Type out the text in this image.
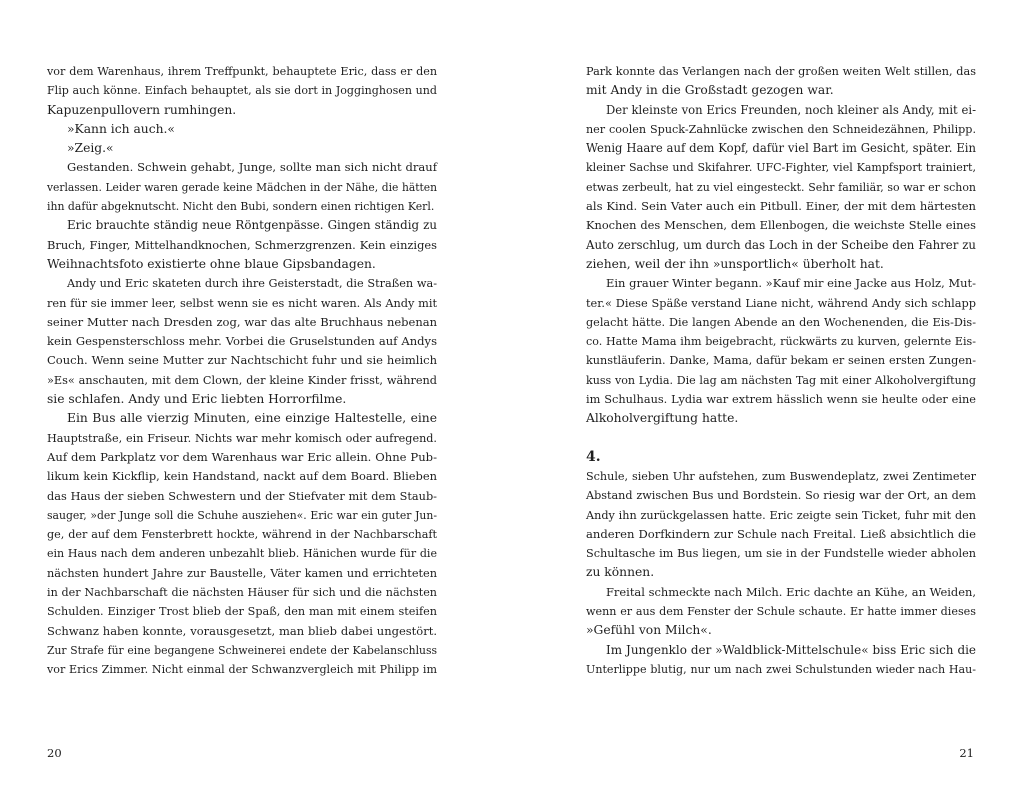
vor dem Warenhaus, ihrem Treffpunkt, behauptete Eric, dass er den
Flip auch könne. Einfach behauptet, als sie dort in Jogginghosen und
Kapuzenpullovern rumhingen.
»Kann ich auch.«
»Zeig.«
Gestanden. Schwein gehabt, Junge, sollte man sich nicht drauf
verlassen. Leider waren gerade keine Mädchen in der Nähe, die hätten
ihn dafür abgeknutscht. Nicht den Bubi, sondern einen richtigen Kerl.
Eric brauchte ständig neue Röntgenpässe. Gingen ständig zu
Bruch, Finger, Mittelhandknochen, Schmerzgrenzen. Kein einziges
Weihnachtsfoto existierte ohne blaue Gipsbandagen.
Andy und Eric skateten durch ihre Geisterstadt, die Straßen wa-
ren für sie immer leer, selbst wenn sie es nicht waren. Als Andy mit
seiner Mutter nach Dresden zog, war das alte Bruchhaus nebenan
kein Gespensterschloss mehr. Vorbei die Gruselstunden auf Andys
Couch. Wenn seine Mutter zur Nachtschicht fuhr und sie heimlich
»Es« anschauten, mit dem Clown, der kleine Kinder frisst, während
sie schlafen. Andy und Eric liebten Horrorfilme.
Ein Bus alle vierzig Minuten, eine einzige Haltestelle, eine
Hauptstraße, ein Friseur. Nichts war mehr komisch oder aufregend.
Auf dem Parkplatz vor dem Warenhaus war Eric allein. Ohne Pub-
likum kein Kickflip, kein Handstand, nackt auf dem Board. Blieben
das Haus der sieben Schwestern und der Stiefvater mit dem Staub-
sauger, »der Junge soll die Schuhe ausziehen«. Eric war ein guter Jun-
ge, der auf dem Fensterbrett hockte, während in der Nachbarschaft
ein Haus nach dem anderen unbezahlt blieb. Hänichen wurde für die
nächsten hundert Jahre zur Baustelle, Väter kamen und errichteten
in der Nachbarschaft die nächsten Häuser für sich und die nächsten
Schulden. Einziger Trost blieb der Spaß, den man mit einem steifen
Schwanz haben konnte, vorausgesetzt, man blieb dabei ungestört.
Zur Strafe für eine begangene Schweinerei endete der Kabelanschluss
vor Erics Zimmer. Nicht einmal der Schwanzvergleich mit Philipp im
Park konnte das Verlangen nach der großen weiten Welt stillen, das
mit Andy in die Großstadt gezogen war.
Der kleinste von Erics Freunden, noch kleiner als Andy, mit ei-
ner coolen Spuck-Zahnlücke zwischen den Schneidezähnen, Philipp.
Wenig Haare auf dem Kopf, dafür viel Bart im Gesicht, später. Ein
kleiner Sachse und Skifahrer. UFC-Fighter, viel Kampfsport trainiert,
etwas zerbeult, hat zu viel eingesteckt. Sehr familiär, so war er schon
als Kind. Sein Vater auch ein Pitbull. Einer, der mit dem härtesten
Knochen des Menschen, dem Ellenbogen, die weichste Stelle eines
Auto zerschlug, um durch das Loch in der Scheibe den Fahrer zu
ziehen, weil der ihn »unsportlich« überholt hat.
Ein grauer Winter begann. »Kauf mir eine Jacke aus Holz, Mut-
ter.« Diese Späße verstand Liane nicht, während Andy sich schlapp
gelacht hätte. Die langen Abende an den Wochenenden, die Eis-Dis-
co. Hatte Mama ihm beigebracht, rückwärts zu kurven, gelernte Eis-
kunstläuferin. Danke, Mama, dafür bekam er seinen ersten Zungen-
kuss von Lydia. Die lag am nächsten Tag mit einer Alkoholvergiftung
im Schulhaus. Lydia war extrem hässlich wenn sie heulte oder eine
Alkoholvergiftung hatte.
4.
Schule, sieben Uhr aufstehen, zum Buswendeplatz, zwei Zentimeter
Abstand zwischen Bus und Bordstein. So riesig war der Ort, an dem
Andy ihn zurückgelassen hatte. Eric zeigte sein Ticket, fuhr mit den
anderen Dorfkindern zur Schule nach Freital. Ließ absichtlich die
Schultasche im Bus liegen, um sie in der Fundstelle wieder abholen
zu können.
Freital schmeckte nach Milch. Eric dachte an Kühe, an Weiden,
wenn er aus dem Fenster der Schule schaute. Er hatte immer dieses
»Gefühl von Milch«.
Im Jungenklo der »Waldblick-Mittelschule« biss Eric sich die
Unterlippe blutig, nur um nach zwei Schulstunden wieder nach Hau-
20	21
